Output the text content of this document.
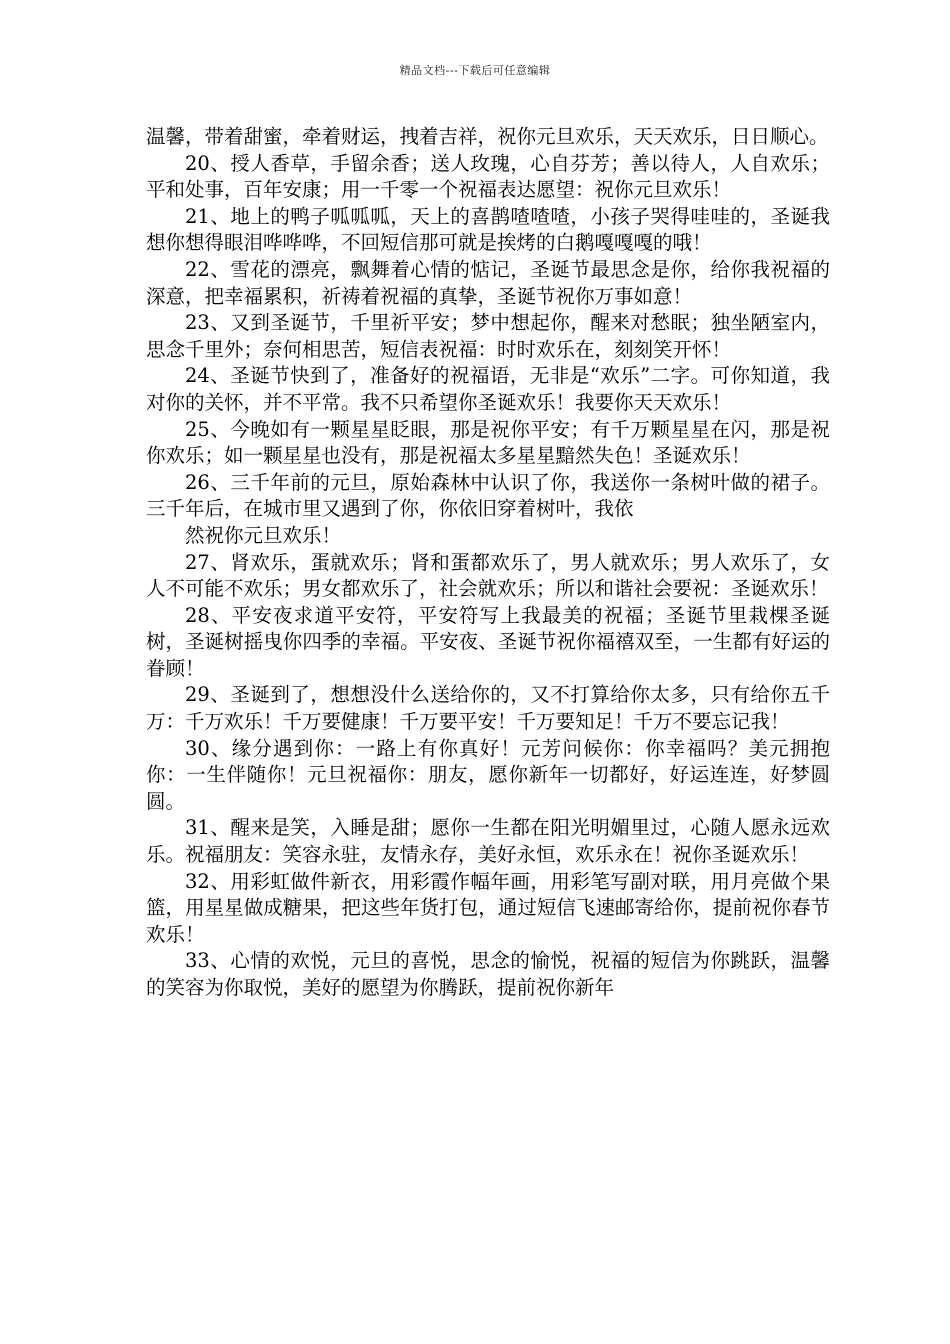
精品文档---下载后可任意编辑

温馨，带着甜蜜，牵着财运，拽着吉祥，祝你元旦欢乐，天天欢乐，日日顺心。

20、授人香草，手留余香；送人玫瑰，心自芬芳；善以待人，人自欢乐；平和处事，百年安康；用一千零一个祝福表达愿望：祝你元旦欢乐！

21、地上的鸭子呱呱呱，天上的喜鹊喳喳喳，小孩子哭得哇哇的，圣诞我想你想得眼泪哗哗哗，不回短信那可就是挨烤的白鹅嘎嘎嘎的哦！

22、雪花的漂亮，飘舞着心情的惦记，圣诞节最思念是你，给你我祝福的深意，把幸福累积，祈祷着祝福的真挚，圣诞节祝你万事如意！

23、又到圣诞节，千里祈平安；梦中想起你，醒来对愁眠；独坐陋室内，思念千里外；奈何相思苦，短信表祝福：时时欢乐在，刻刻笑开怀！

24、圣诞节快到了，准备好的祝福语，无非是“欢乐”二字。可你知道，我对你的关怀，并不平常。我不只希望你圣诞欢乐！我要你天天欢乐！

25、今晚如有一颗星星眨眼，那是祝你平安；有千万颗星星在闪，那是祝你欢乐；如一颗星星也没有，那是祝福太多星星黯然失色！圣诞欢乐！

26、三千年前的元旦，原始森林中认识了你，我送你一条树叶做的裙子。三千年后，在城市里又遇到了你，你依旧穿着树叶，我依

然祝你元旦欢乐！

27、肾欢乐，蛋就欢乐；肾和蛋都欢乐了，男人就欢乐；男人欢乐了，女人不可能不欢乐；男女都欢乐了，社会就欢乐；所以和谐社会要祝：圣诞欢乐！

28、平安夜求道平安符，平安符写上我最美的祝福；圣诞节里栽棵圣诞树，圣诞树摇曳你四季的幸福。平安夜、圣诞节祝你福禧双至，一生都有好运的眷顾！

29、圣诞到了，想想没什么送给你的，又不打算给你太多，只有给你五千万：千万欢乐！千万要健康！千万要平安！千万要知足！千万不要忘记我！

30、缘分遇到你：一路上有你真好！元芳问候你：你幸福吗？美元拥抱你：一生伴随你！元旦祝福你：朋友，愿你新年一切都好，好运连连，好梦圆圆。

31、醒来是笑，入睡是甜；愿你一生都在阳光明媚里过，心随人愿永远欢乐。祝福朋友：笑容永驻，友情永存，美好永恒，欢乐永在！祝你圣诞欢乐！

32、用彩虹做件新衣，用彩霞作幅年画，用彩笔写副对联，用月亮做个果篮，用星星做成糖果，把这些年货打包，通过短信飞速邮寄给你，提前祝你春节欢乐！

33、心情的欢悦，元旦的喜悦，思念的愉悦，祝福的短信为你跳跃，温馨的笑容为你取悦，美好的愿望为你腾跃，提前祝你新年
